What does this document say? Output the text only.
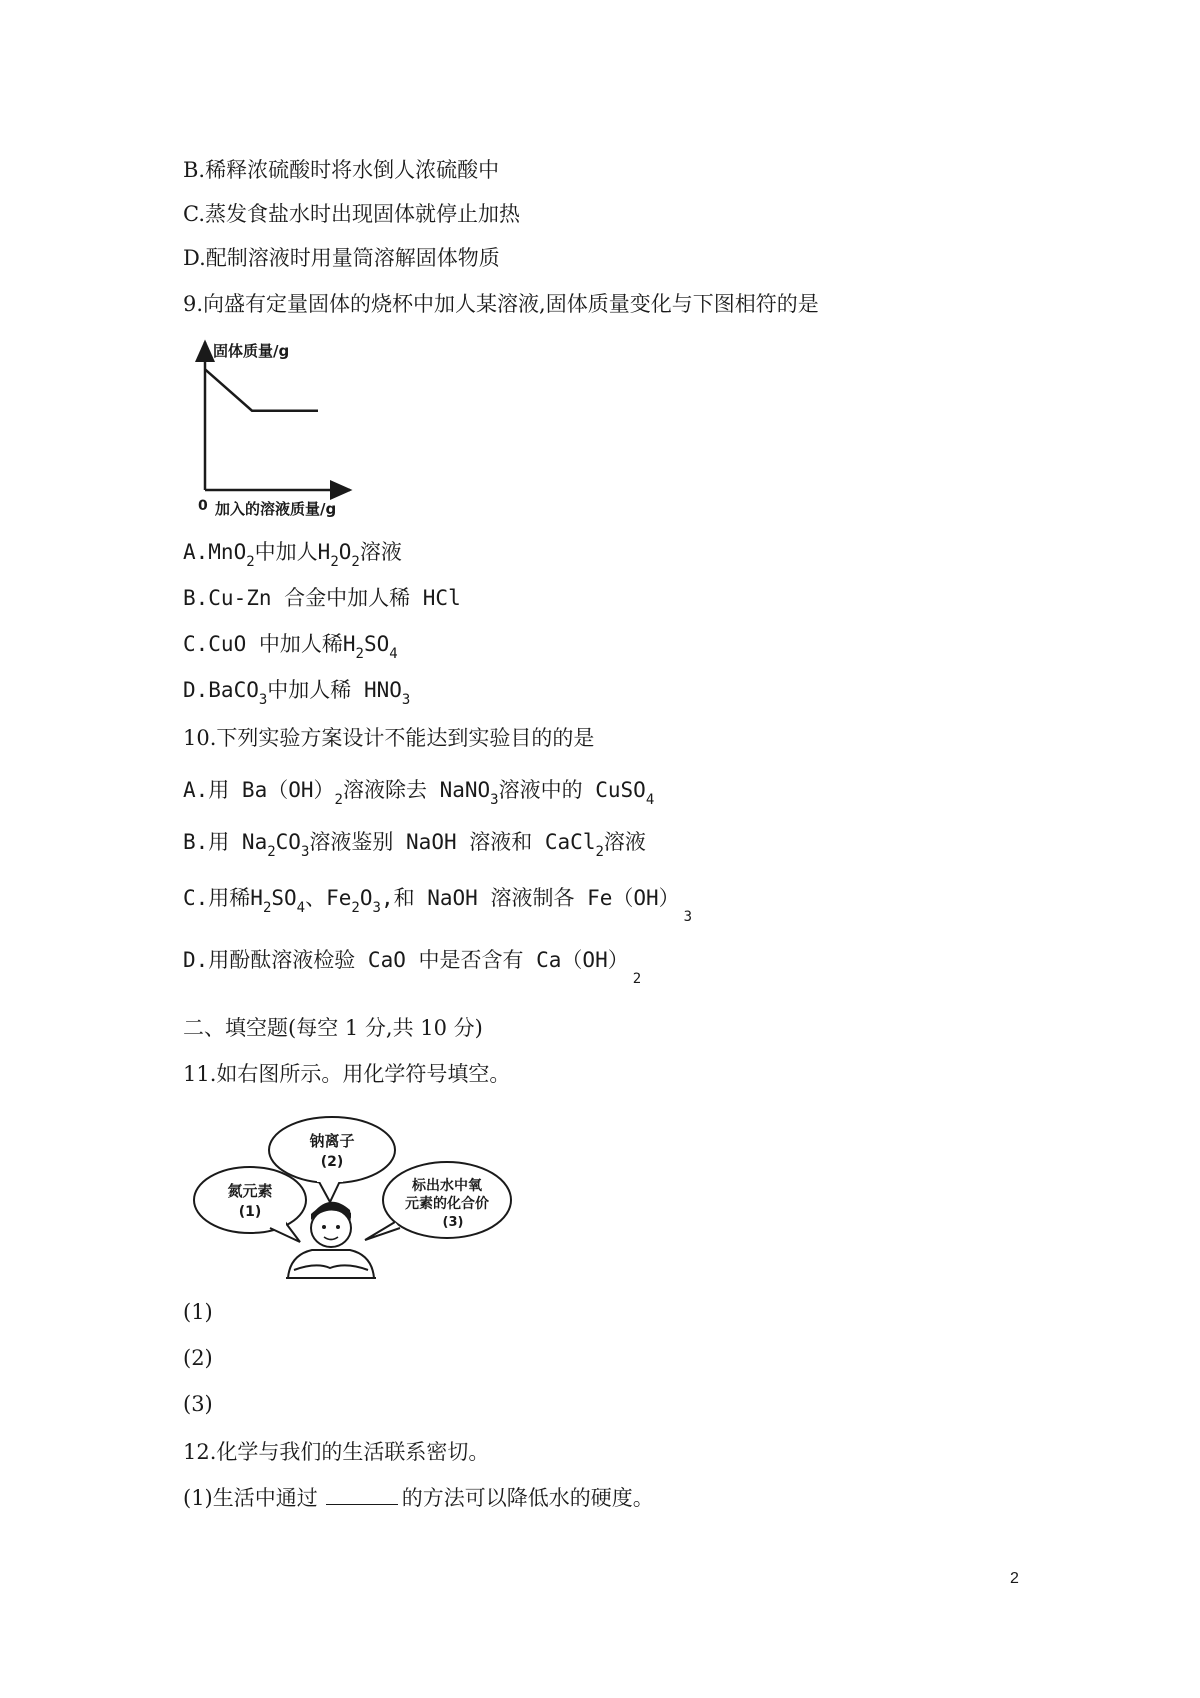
B.稀释浓硫酸时将水倒人浓硫酸中
C.蒸发食盐水时出现固体就停止加热
D.配制溶液时用量筒溶解固体物质
9.向盛有定量固体的烧杯中加人某溶液,固体质量变化与下图相符的是
固体质量/g
0 加入的溶液质量/g
A.MnO$_2$中加人$H_2O_2$溶液
B.Cu-Zn 合金中加人稀 HCl
C.CuO 中加人稀$H_2SO_4$
D.BaCO$_3$中加人稀 $HNO_3$
10.下列实验方案设计不能达到实验目的的是
A.用 $Ba(OH)_2$溶液除去 NaNO$_3$溶液中的 CuSO$_4$
B.用 $Na_2CO_3$溶液鉴别 NaOH 溶液和 CaCl$_2$溶液
C.用稀$H_2SO_4$、$Fe_2O_3$,和 NaOH 溶液制各 $Fe(OH)_3$
D.用酚酞溶液检验 CaO 中是否含有 $Ca(OH)_2$
二、填空题(每空 1 分,共 10 分)
11.如右图所示。用化学符号填空。
钠离子
(2)
氮元素
(1)
标出水中氧
元素的化合价
(3)
(1)
(2)
(3)
12.化学与我们的生活联系密切。
(1)生活中通过	的方法可以降低水的硬度。
2
